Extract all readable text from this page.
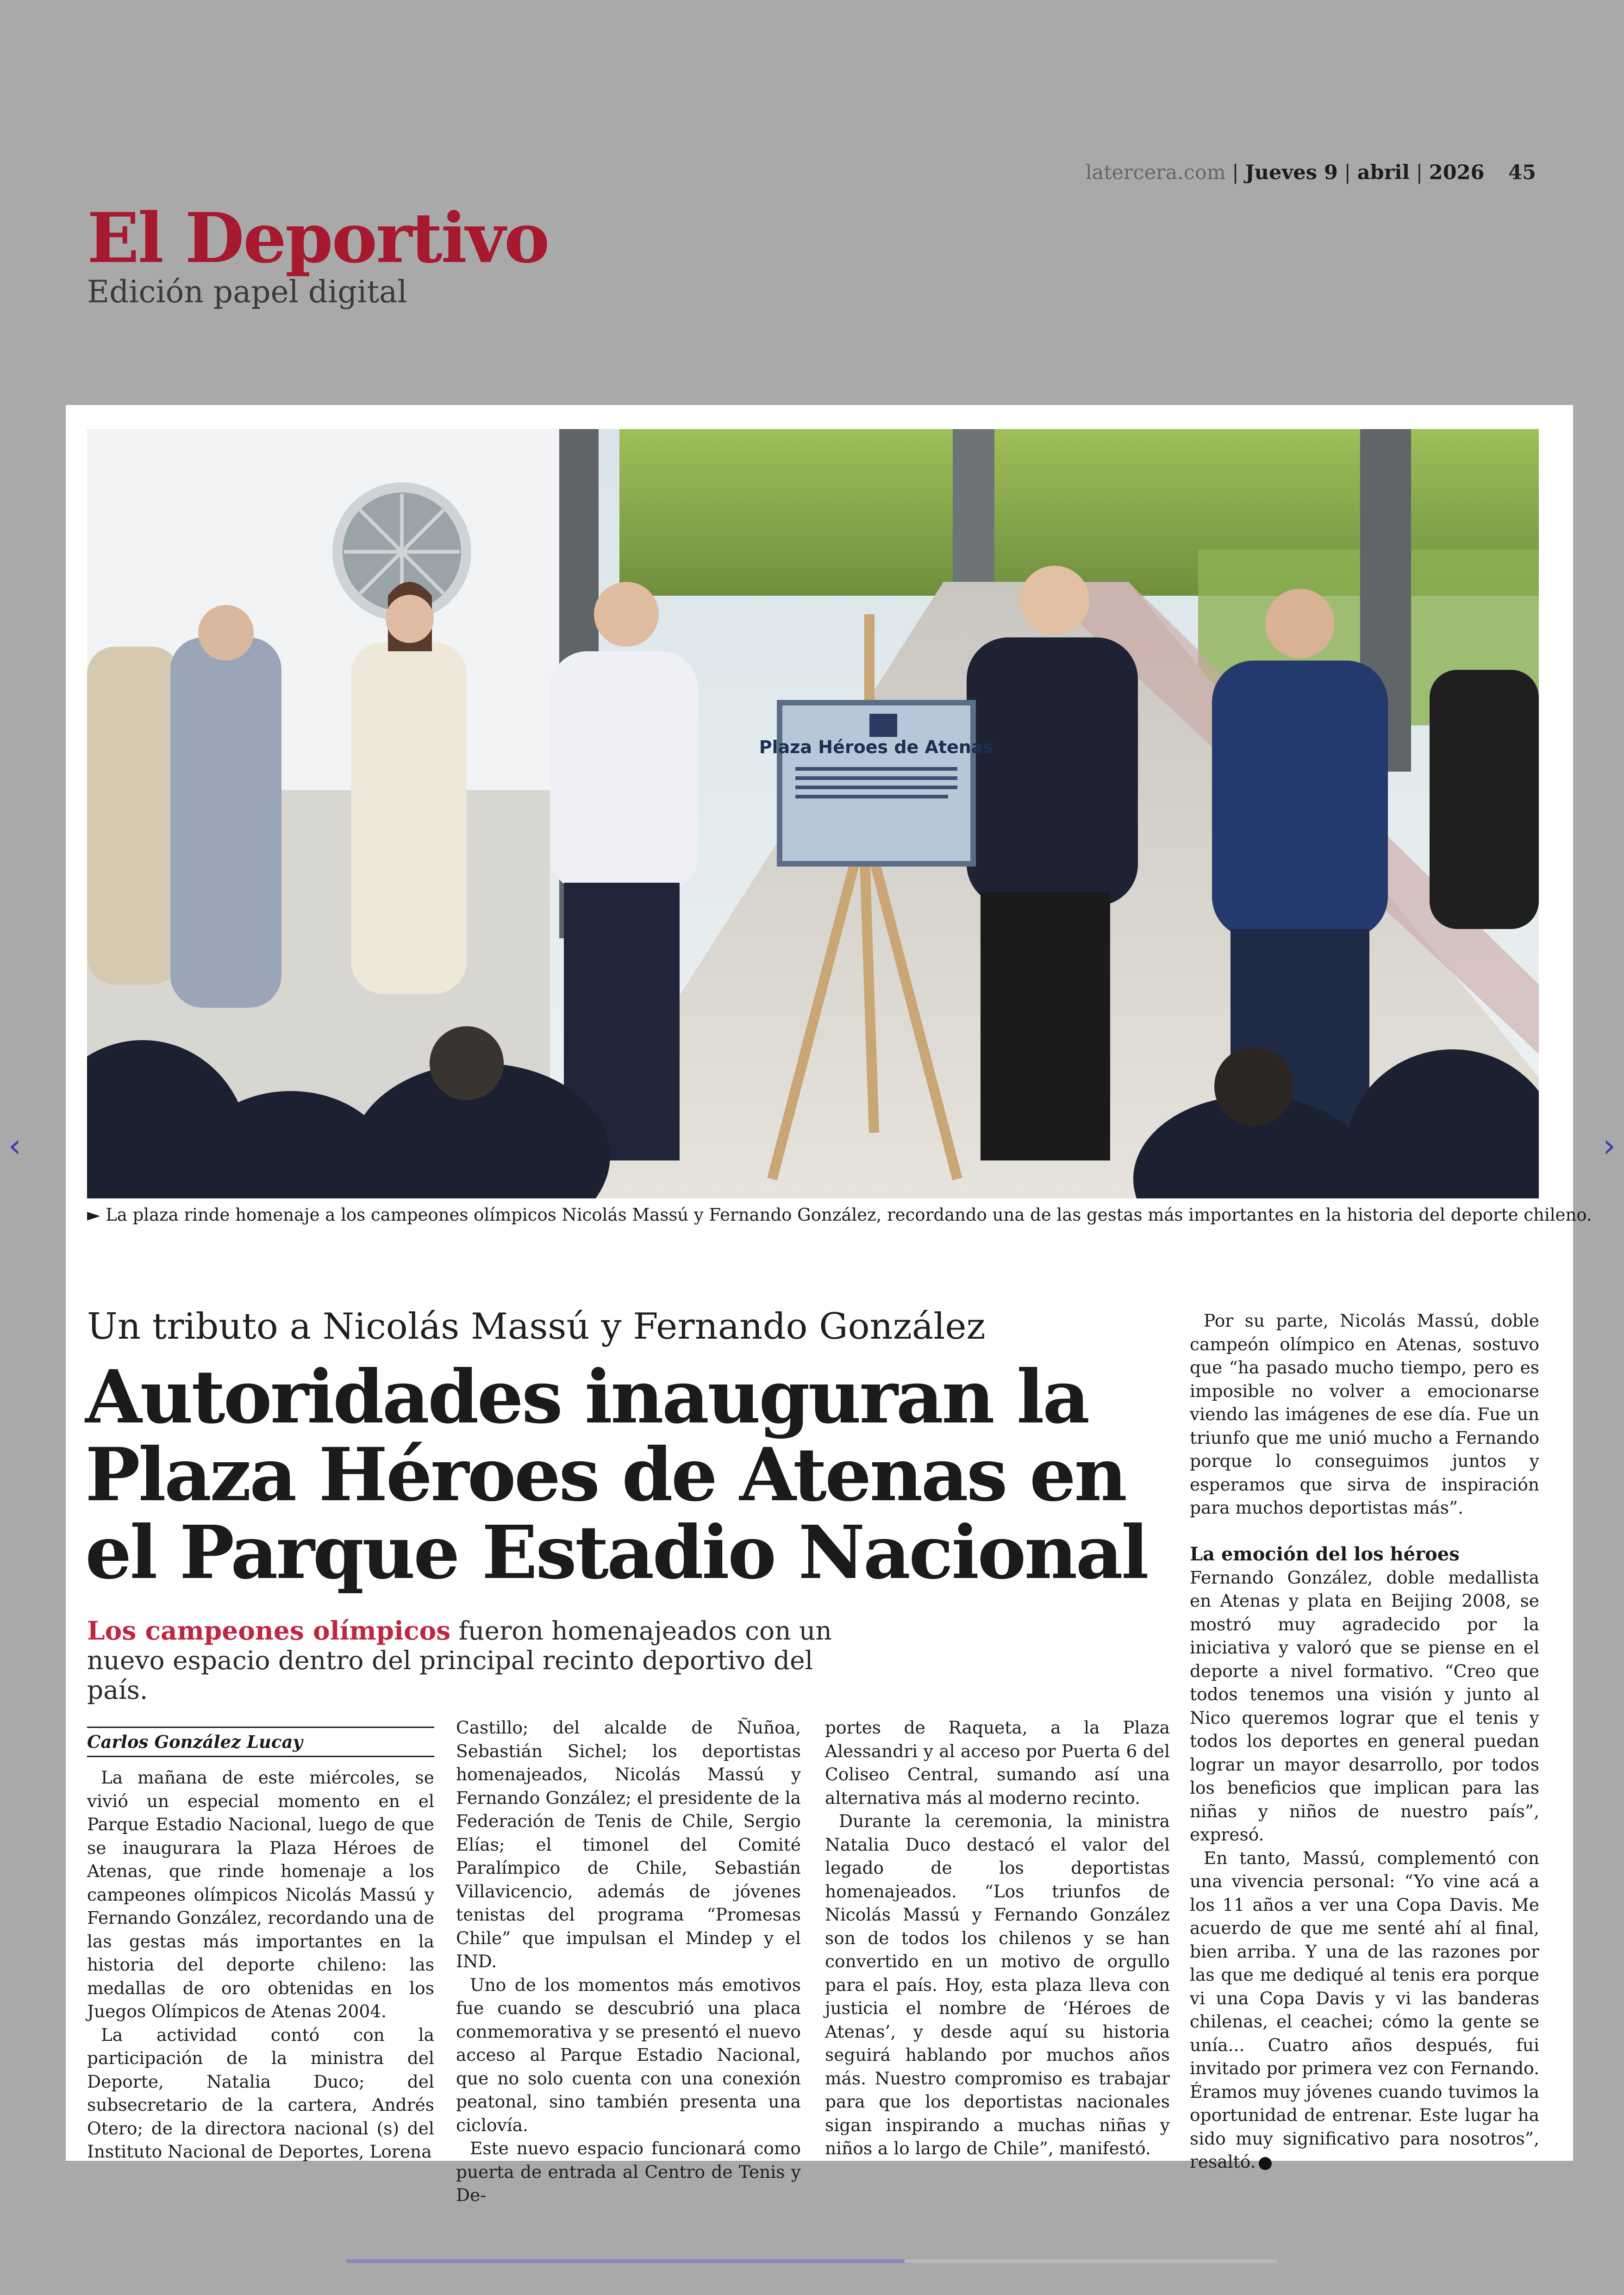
latercera.com | Jueves 9 | abril | 2026 45
El Deportivo
Edición papel digital
‹	›
Plaza Héroes de Atenas
► La plaza rinde homenaje a los campeones olímpicos Nicolás Massú y Fernando González, recordando una de las gestas más importantes en la historia del deporte chileno.
Un tributo a Nicolás Massú y Fernando González
Autoridades inauguran la Plaza Héroes de Atenas en el Parque Estadio Nacional
Los campeones olímpicos fueron homenajeados con un nuevo espacio dentro del principal recinto deportivo del país.
Carlos González Lucay

La mañana de este miércoles, se vivió un especial momento en el Parque Estadio Nacional, luego de que se inaugurara la Plaza Héroes de Atenas, que rinde homenaje a los campeones olímpicos Nicolás Massú y Fernando González, recordando una de las gestas más importantes en la historia del deporte chileno: las medallas de oro obtenidas en los Juegos Olímpicos de Atenas 2004.

La actividad contó con la participación de la ministra del Deporte, Natalia Duco; del subsecretario de la cartera, Andrés Otero; de la directora nacional (s) del Instituto Nacional de Deportes, Lorena

Castillo; del alcalde de Ñuñoa, Sebastián Sichel; los deportistas homenajeados, Nicolás Massú y Fernando González; el presidente de la Federación de Tenis de Chile, Sergio Elías; el timonel del Comité Paralímpico de Chile, Sebastián Villavicencio, además de jóvenes tenistas del programa “Promesas Chile” que impulsan el Mindep y el IND.

Uno de los momentos más emotivos fue cuando se descubrió una placa conmemorativa y se presentó el nuevo acceso al Parque Estadio Nacional, que no solo cuenta con una conexión peatonal, sino también presenta una ciclovía.

Este nuevo espacio funcionará como puerta de entrada al Centro de Tenis y De-

portes de Raqueta, a la Plaza Alessandri y al acceso por Puerta 6 del Coliseo Central, sumando así una alternativa más al moderno recinto.

Durante la ceremonia, la ministra Natalia Duco destacó el valor del legado de los deportistas homenajeados. “Los triunfos de Nicolás Massú y Fernando González son de todos los chilenos y se han convertido en un motivo de orgullo para el país. Hoy, esta plaza lleva con justicia el nombre de ‘Héroes de Atenas’, y desde aquí su historia seguirá hablando por muchos años más. Nuestro compromiso es trabajar para que los deportistas nacionales sigan inspirando a muchas niñas y niños a lo largo de Chile”, manifestó.

Por su parte, Nicolás Massú, doble campeón olímpico en Atenas, sostuvo que “ha pasado mucho tiempo, pero es imposible no volver a emocionarse viendo las imágenes de ese día. Fue un triunfo que me unió mucho a Fernando porque lo conseguimos juntos y esperamos que sirva de inspiración para muchos deportistas más”.

La emoción del los héroes

Fernando González, doble medallista en Atenas y plata en Beijing 2008, se mostró muy agradecido por la iniciativa y valoró que se piense en el deporte a nivel formativo. “Creo que todos tenemos una visión y junto al Nico queremos lograr que el tenis y todos los deportes en general puedan lograr un mayor desarrollo, por todos los beneficios que implican para las niñas y niños de nuestro país”, expresó.

En tanto, Massú, complementó con una vivencia personal: “Yo vine acá a los 11 años a ver una Copa Davis. Me acuerdo de que me senté ahí al final, bien arriba. Y una de las razones por las que me dediqué al tenis era porque vi una Copa Davis y vi las banderas chilenas, el ceachei; cómo la gente se unía... Cuatro años después, fui invitado por primera vez con Fernando. Éramos muy jóvenes cuando tuvimos la oportunidad de entrenar. Este lugar ha sido muy significativo para nosotros”, resaltó.
